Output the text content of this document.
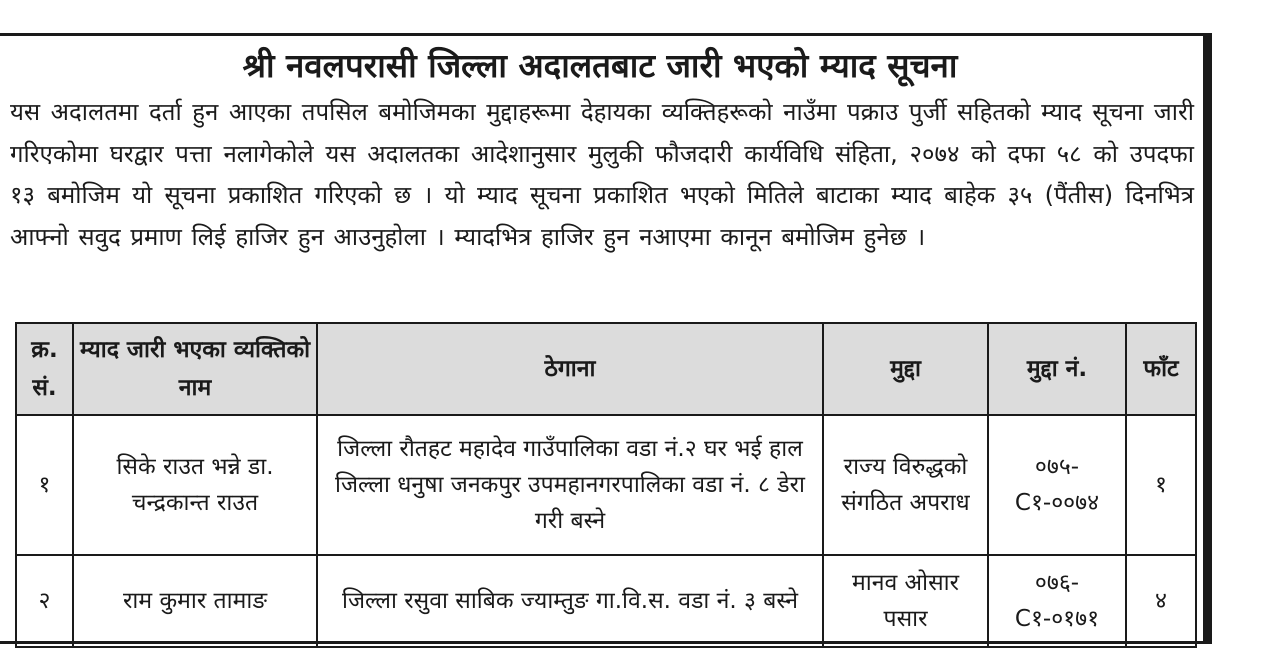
श्री नवलपरासी जिल्ला अदालतबाट जारी भएको म्याद सूचना
यस अदालतमा दर्ता हुन आएका तपसिल बमोजिमका मुद्दाहरूमा देहायका व्यक्तिहरूको नाउँमा पक्राउ पुर्जी सहितको म्याद सूचना जारी गरिएकोमा घरद्वार पत्ता नलागेकोले यस अदालतका आदेशानुसार मुलुकी फौजदारी कार्यविधि संहिता, २०७४ को दफा ५८ को उपदफा १३ बमोजिम यो सूचना प्रकाशित गरिएको छ । यो म्याद सूचना प्रकाशित भएको मितिले बाटाका म्याद बाहेक ३५ (पैंतीस) दिनभित्र आफ्नो सवुद प्रमाण लिई हाजिर हुन आउनुहोला । म्यादभित्र हाजिर हुन नआएमा कानून बमोजिम हुनेछ ।
क्र. सं.	म्याद जारी भएका व्यक्तिको नाम	ठेगाना	मुद्दा	मुद्दा नं.	फाँट
१	सिके राउत भन्ने डा. चन्द्रकान्त राउत	जिल्ला रौतहट महादेव गाउँपालिका वडा नं.२ घर भई हाल जिल्ला धनुषा जनकपुर उपमहानगरपालिका वडा नं. ८ डेरा गरी बस्ने	राज्य विरुद्धको संगठित अपराध	०७५-C१-००७४	१
२	राम कुमार तामाङ	जिल्ला रसुवा साबिक ज्याम्तुङ गा.वि.स. वडा नं. ३ बस्ने	मानव ओसार पसार	०७६-C१-०१७१	४
